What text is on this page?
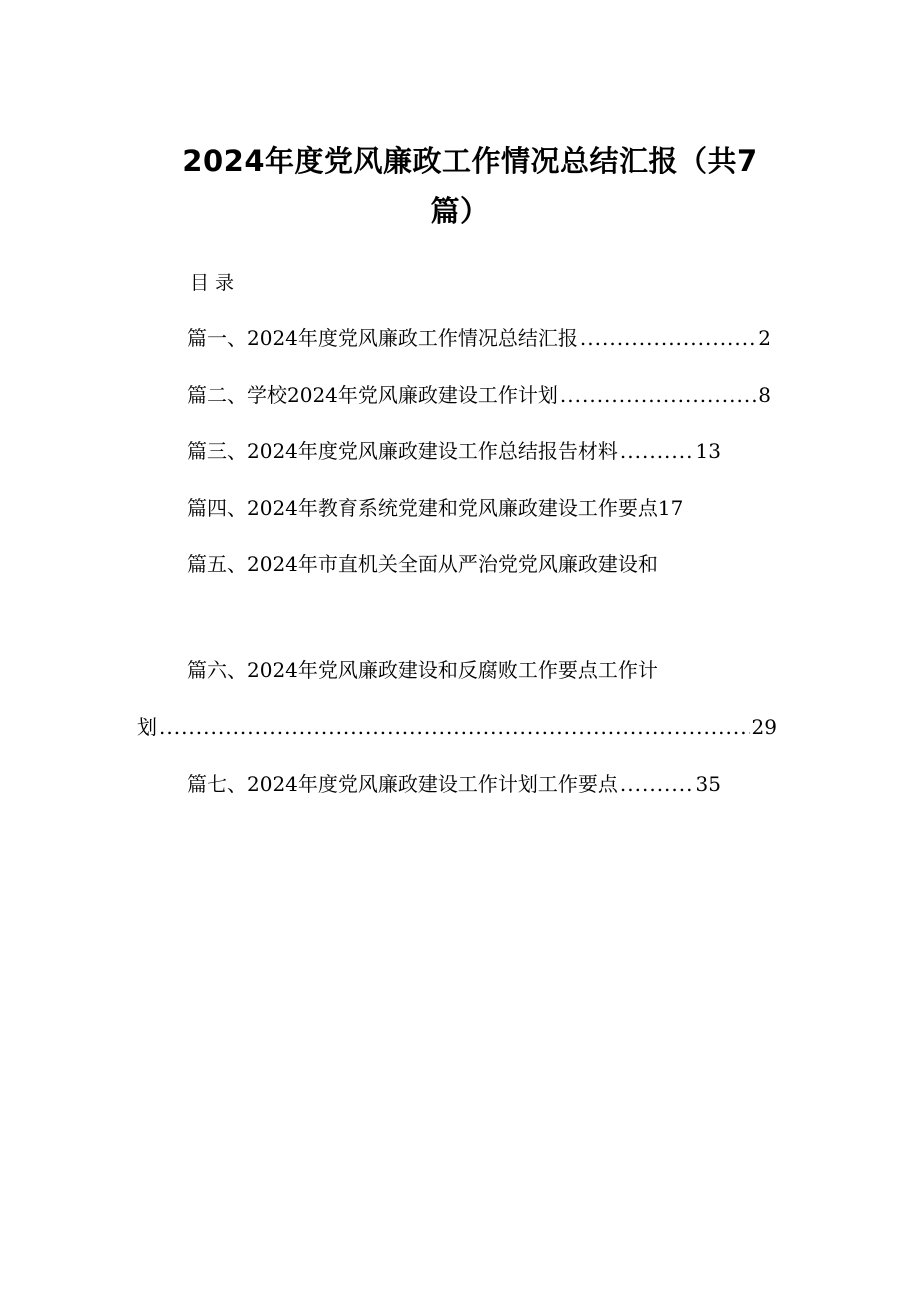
2024年度党风廉政工作情况总结汇报（共7
篇）
目录
篇一、2024年度党风廉政工作情况总结汇报 .....	2
篇二、学校2024年党风廉政建设工作计划 .....	8
篇三、2024年度党风廉政建设工作总结报告材料 .....	13
篇四、2024年教育系统党建和党风廉政建设工作要点 17
篇五、2024年市直机关全面从严治党党风廉政建设和
篇六、2024年党风廉政建设和反腐败工作要点工作计
划 .....	29
篇七、2024年度党风廉政建设工作计划工作要点 .....	35
